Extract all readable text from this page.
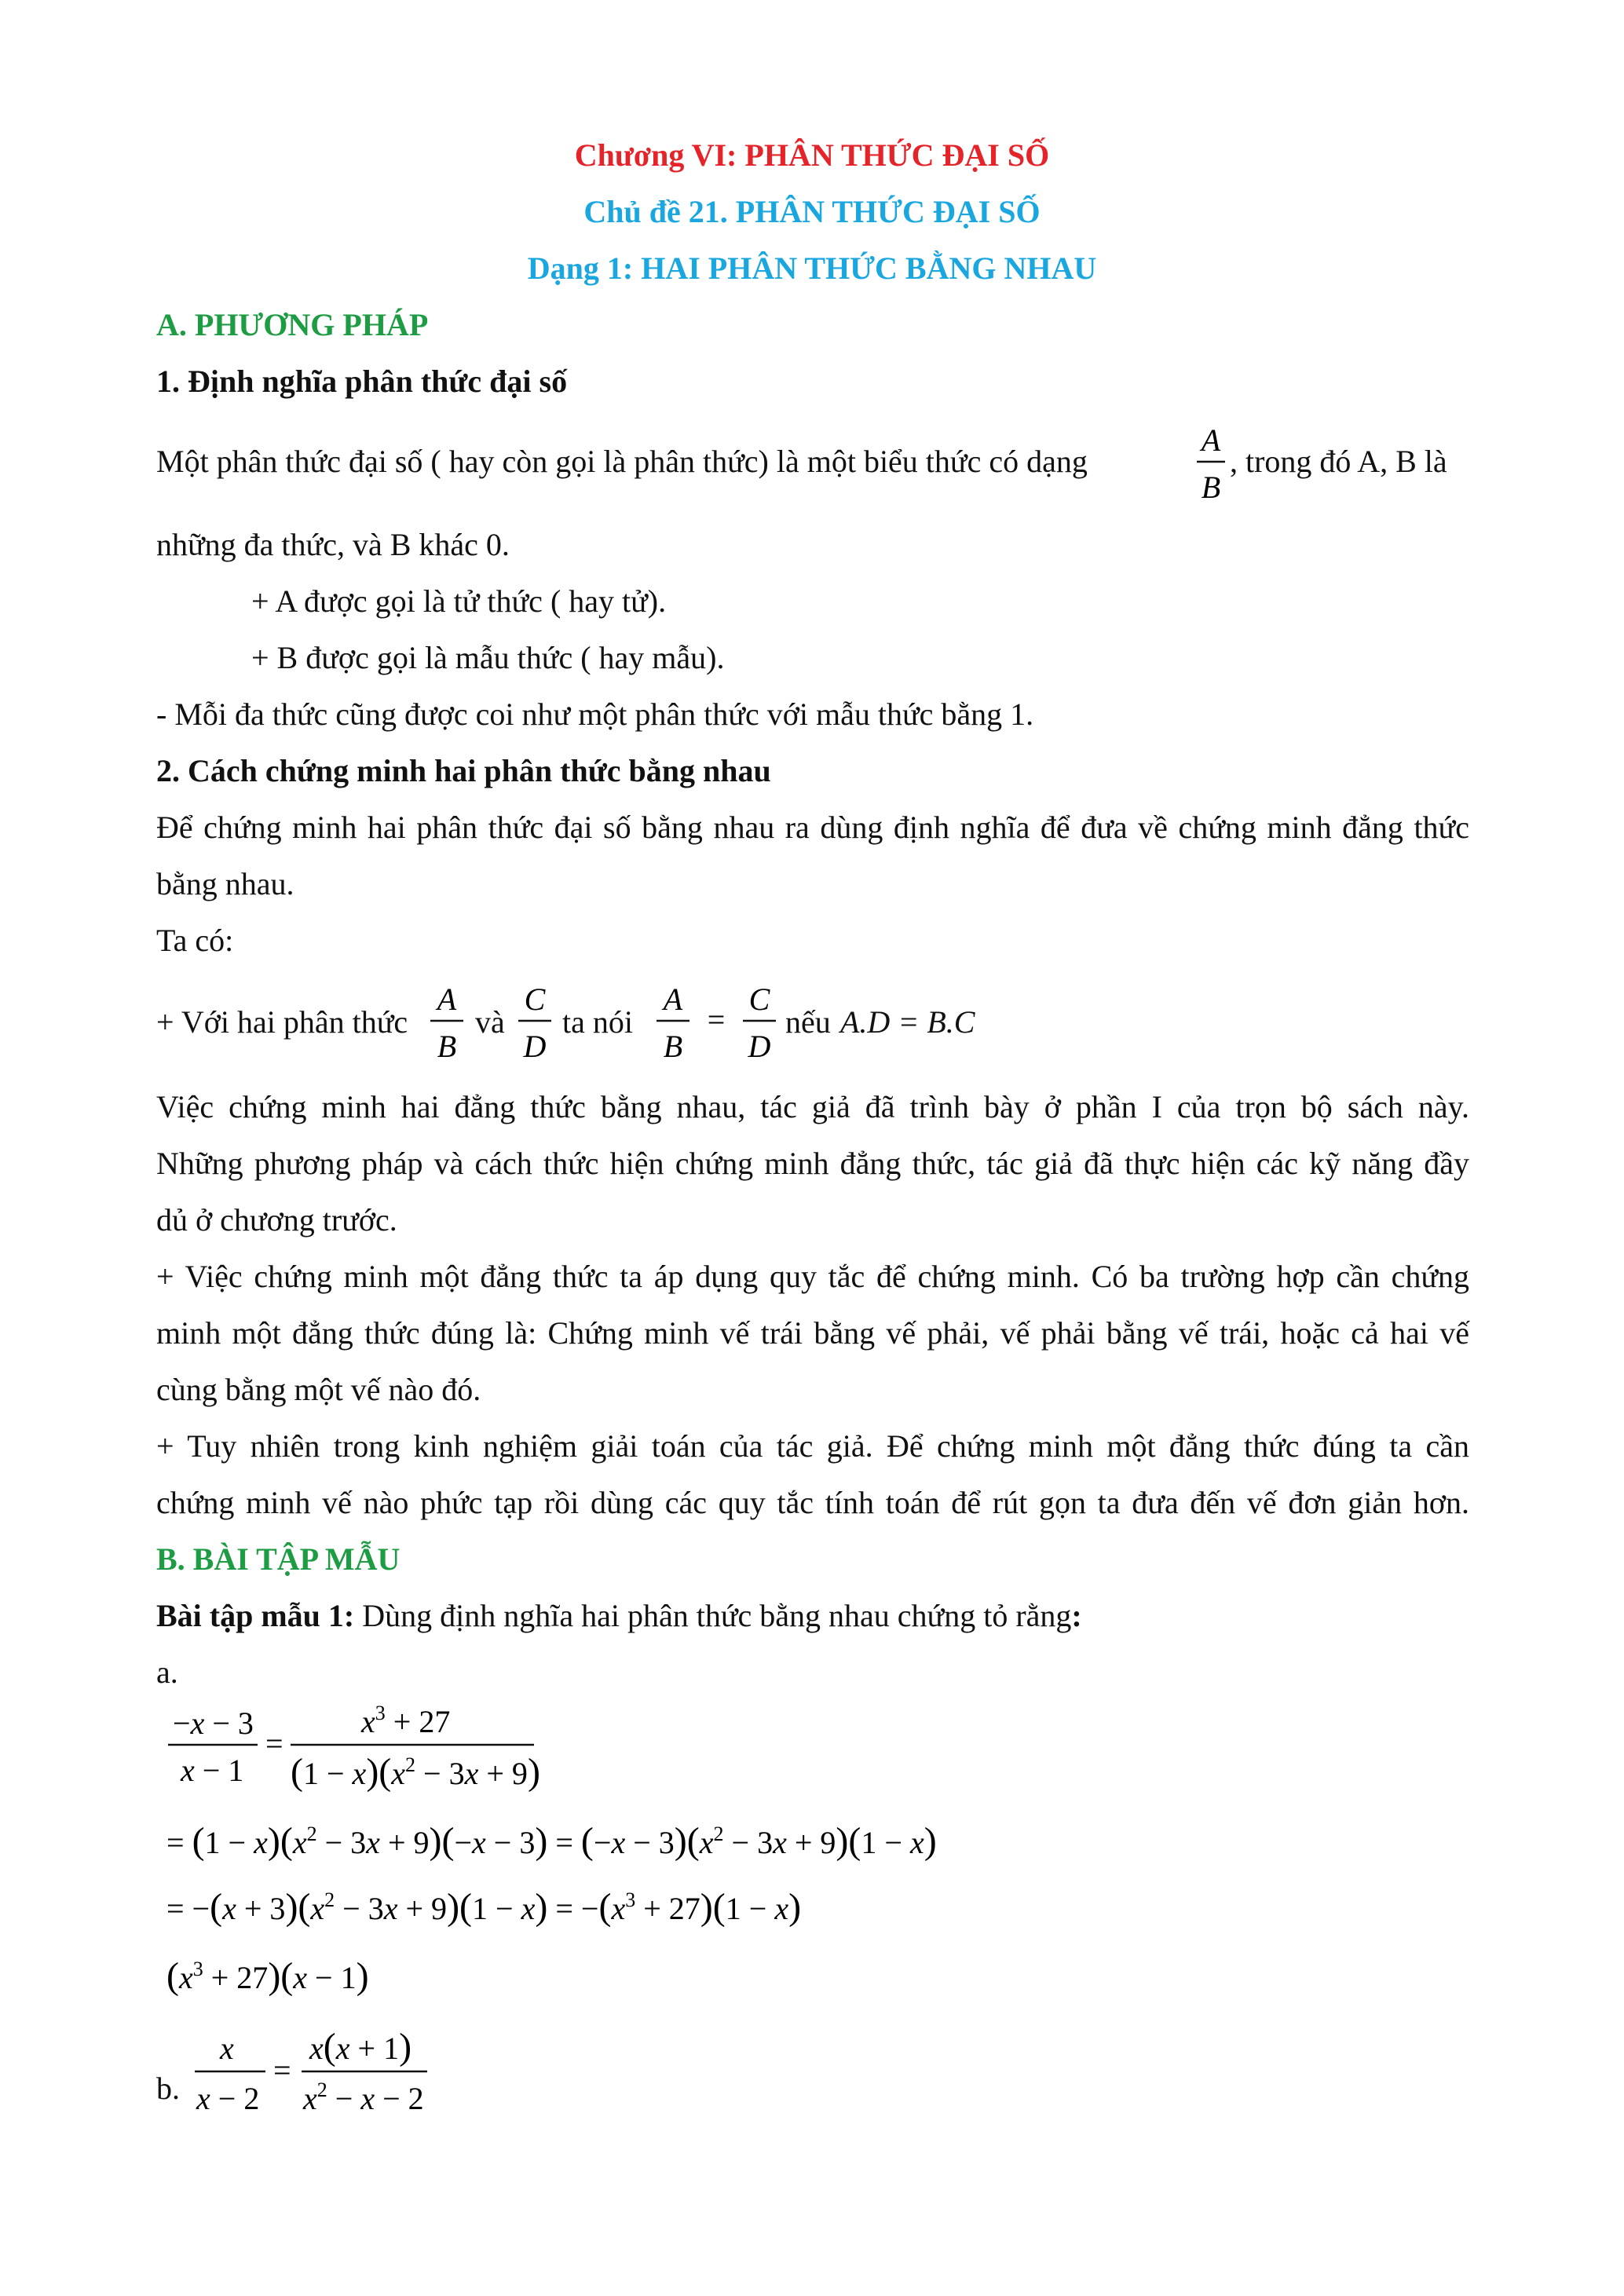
Chương VI: PHÂN THỨC ĐẠI SỐ
Chủ đề 21. PHÂN THỨC ĐẠI SỐ
Dạng 1: HAI PHÂN THỨC BẰNG NHAU
A. PHƯƠNG PHÁP
1. Định nghĩa phân thức đại số
Một phân thức đại số ( hay còn gọi là phân thức) là một biểu thức có dạng
A
B
, trong đó A, B là
những đa thức, và B khác 0.
+ A được gọi là tử thức ( hay tử).
+ B được gọi là mẫu thức ( hay mẫu).
- Mỗi đa thức cũng được coi như một phân thức với mẫu thức bằng 1.
2. Cách chứng minh hai phân thức bằng nhau
Để chứng minh hai phân thức đại số bằng nhau ra dùng định nghĩa để đưa về chứng minh đẳng thức
bằng nhau.
Ta có:
+ Với hai phân thức
A
B
và
C
D
ta nói
A
B
=
C
D
nếu A.D = B.C
Việc chứng minh hai đẳng thức bằng nhau, tác giả đã trình bày ở phần I của trọn bộ sách này.
Những phương pháp và cách thức hiện chứng minh đẳng thức, tác giả đã thực hiện các kỹ năng đầy
dủ ở chương trước.
+ Việc chứng minh một đẳng thức ta áp dụng quy tắc để chứng minh. Có ba trường hợp cần chứng
minh một đẳng thức đúng là: Chứng minh vế trái bằng vế phải, vế phải bằng vế trái, hoặc cả hai vế
cùng bằng một vế nào đó.
+ Tuy nhiên trong kinh nghiệm giải toán của tác giả. Để chứng minh một đẳng thức đúng ta cần
chứng minh vế nào phức tạp rồi dùng các quy tắc tính toán để rút gọn ta đưa đến vế đơn giản hơn.
B. BÀI TẬP MẪU
Bài tập mẫu 1: Dùng định nghĩa hai phân thức bằng nhau chứng tỏ rằng:
a.
−x − 3
x − 1
=
$x^3 + 27$
$(1 - x)(x^2 - 3x + 9)$
= $(1 - x)(x^2 - 3x + 9)(-x - 3) = (-x - 3)(x^2 - 3x + 9)(1 - x)$
= $-(x + 3)(x^2 - 3x + 9)(1 - x) = -(x^3 + 27)(1 - x)$
$(x^3 + 27)(x - 1)$
b.
x
x − 2
=
x(x + 1)
$x^2 - x - 2$
